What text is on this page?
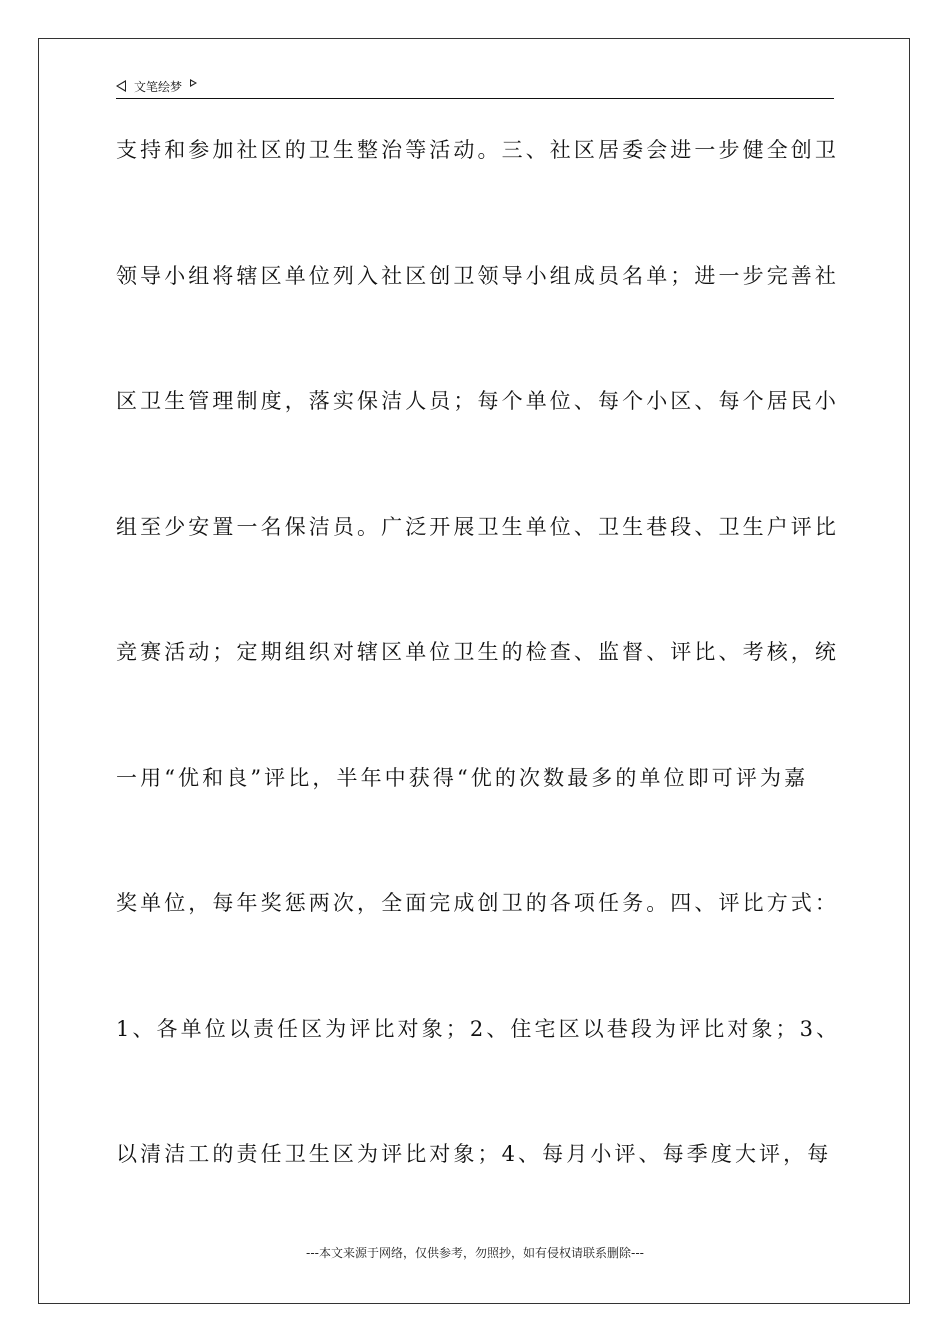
文笔绘梦

支持和参加社区的卫生整治等活动。三、社区居委会进一步健全创卫

领导小组将辖区单位列入社区创卫领导小组成员名单；进一步完善社

区卫生管理制度，落实保洁人员；每个单位、每个小区、每个居民小

组至少安置一名保洁员。广泛开展卫生单位、卫生巷段、卫生户评比

竞赛活动；定期组织对辖区单位卫生的检查、监督、评比、考核，统

一用“优和良”评比，半年中获得“优的次数最多的单位即可评为嘉

奖单位，每年奖惩两次，全面完成创卫的各项任务。四、评比方式：

1、各单位以责任区为评比对象；2、住宅区以巷段为评比对象；3、

以清洁工的责任卫生区为评比对象；4、每月小评、每季度大评，每

---本文来源于网络，仅供参考，勿照抄，如有侵权请联系删除---
